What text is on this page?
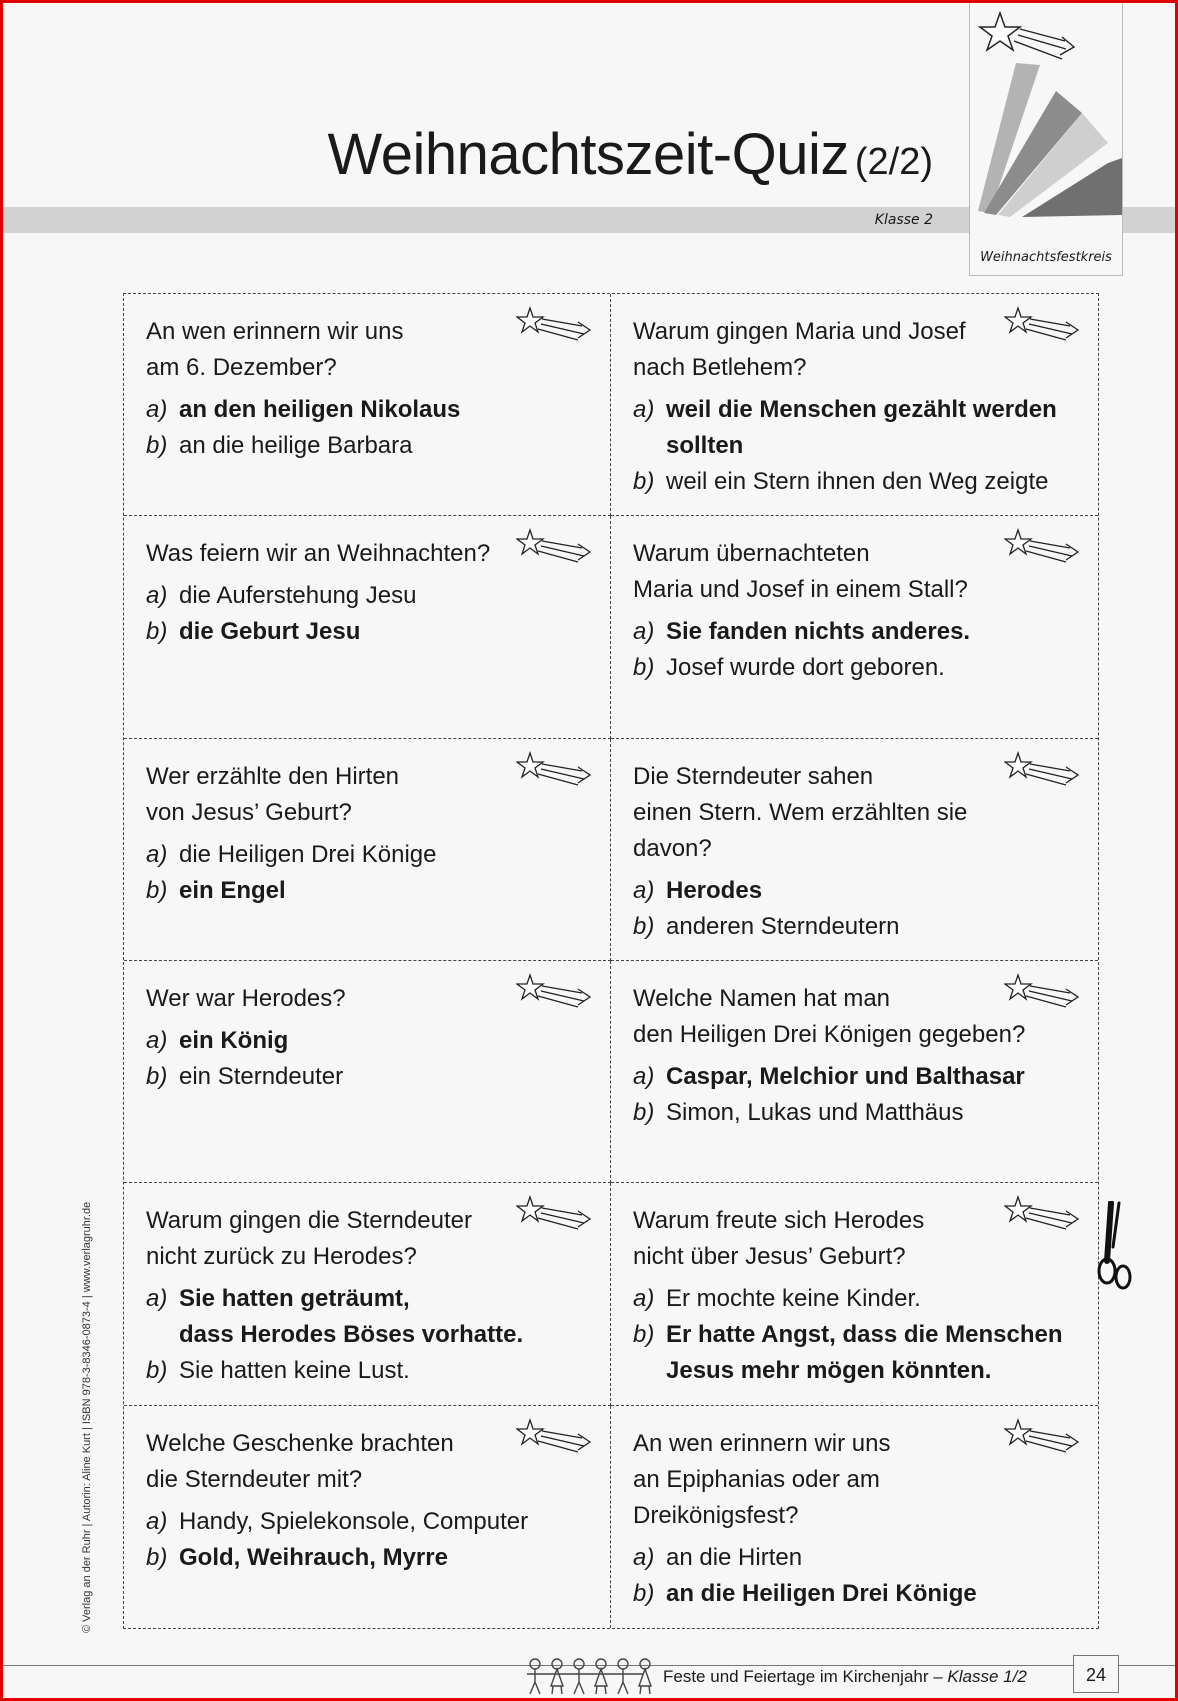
Weihnachtszeit-Quiz (2/2)
Klasse 2
Weihnachtsfestkreis
An wen erinnern wir uns
am 6. Dezember?
a) an den heiligen Nikolaus
b) an die heilige Barbara
Warum gingen Maria und Josef
nach Betlehem?
a) weil die Menschen gezählt werden
sollten
b) weil ein Stern ihnen den Weg zeigte
Was feiern wir an Weihnachten?
a) die Auferstehung Jesu
b) die Geburt Jesu
Warum übernachteten
Maria und Josef in einem Stall?
a) Sie fanden nichts anderes.
b) Josef wurde dort geboren.
Wer erzählte den Hirten
von Jesus’ Geburt?
a) die Heiligen Drei Könige
b) ein Engel
Die Sterndeuter sahen
einen Stern. Wem erzählten sie davon?
a) Herodes
b) anderen Sterndeutern
Wer war Herodes?
a) ein König
b) ein Sterndeuter
Welche Namen hat man
den Heiligen Drei Königen gegeben?
a) Caspar, Melchior und Balthasar
b) Simon, Lukas und Matthäus
Warum gingen die Sterndeuter
nicht zurück zu Herodes?
a) Sie hatten geträumt,
dass Herodes Böses vorhatte.
b) Sie hatten keine Lust.
Warum freute sich Herodes
nicht über Jesus’ Geburt?
a) Er mochte keine Kinder.
b) Er hatte Angst, dass die Menschen
Jesus mehr mögen könnten.
Welche Geschenke brachten
die Sterndeuter mit?
a) Handy, Spielekonsole, Computer
b) Gold, Weihrauch, Myrre
An wen erinnern wir uns
an Epiphanias oder am Dreikönigsfest?
a) an die Hirten
b) an die Heiligen Drei Könige
© Verlag an der Ruhr | Autorin: Aline Kurt | ISBN 978-3-8346-0873-4 | www.verlagruhr.de
Feste und Feiertage im Kirchenjahr – Klasse 1/2	24
